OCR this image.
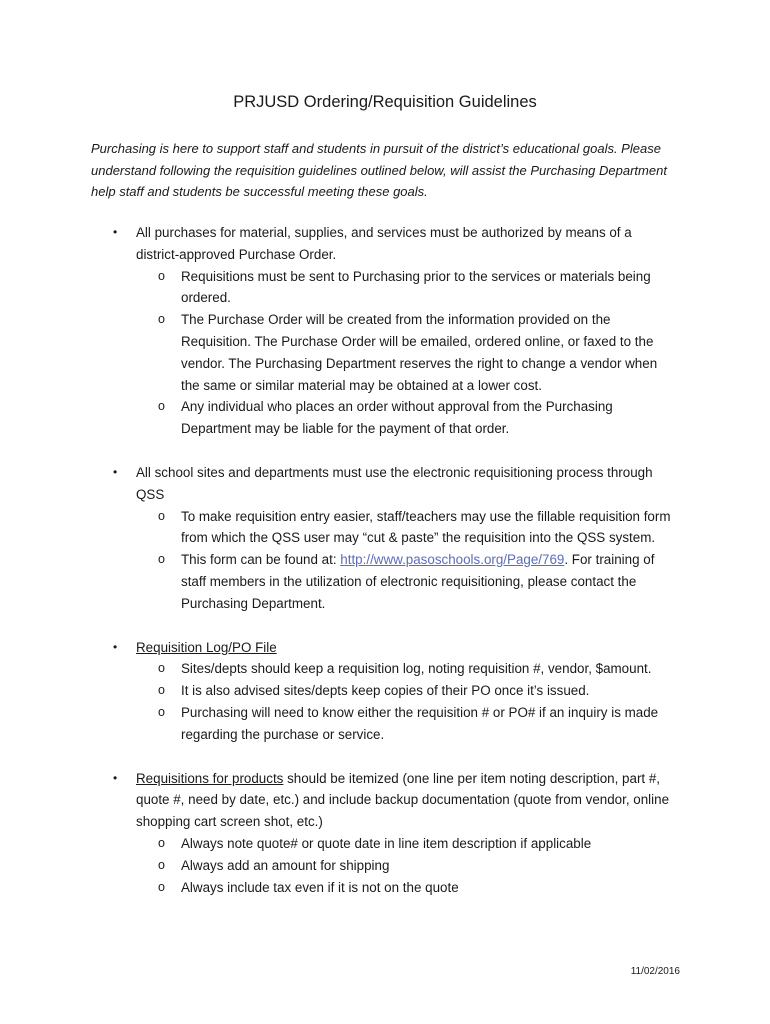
PRJUSD Ordering/Requisition Guidelines

Purchasing is here to support staff and students in pursuit of the district’s educational goals. Please understand following the requisition guidelines outlined below, will assist the Purchasing Department help staff and students be successful meeting these goals.

• All purchases for material, supplies, and services must be authorized by means of a district-approved Purchase Order.
o Requisitions must be sent to Purchasing prior to the services or materials being ordered.
o The Purchase Order will be created from the information provided on the Requisition. The Purchase Order will be emailed, ordered online, or faxed to the vendor. The Purchasing Department reserves the right to change a vendor when the same or similar material may be obtained at a lower cost.
o Any individual who places an order without approval from the Purchasing Department may be liable for the payment of that order.
• All school sites and departments must use the electronic requisitioning process through QSS
o To make requisition entry easier, staff/teachers may use the fillable requisition form from which the QSS user may “cut & paste” the requisition into the QSS system.
o This form can be found at: http://www.pasoschools.org/Page/769. For training of staff members in the utilization of electronic requisitioning, please contact the Purchasing Department.
• Requisition Log/PO File
o Sites/depts should keep a requisition log, noting requisition #, vendor, $amount.
o It is also advised sites/depts keep copies of their PO once it’s issued.
o Purchasing will need to know either the requisition # or PO# if an inquiry is made regarding the purchase or service.
• Requisitions for products should be itemized (one line per item noting description, part #, quote #, need by date, etc.) and include backup documentation (quote from vendor, online shopping cart screen shot, etc.)
o Always note quote# or quote date in line item description if applicable
o Always add an amount for shipping
o Always include tax even if it is not on the quote
11/02/2016
